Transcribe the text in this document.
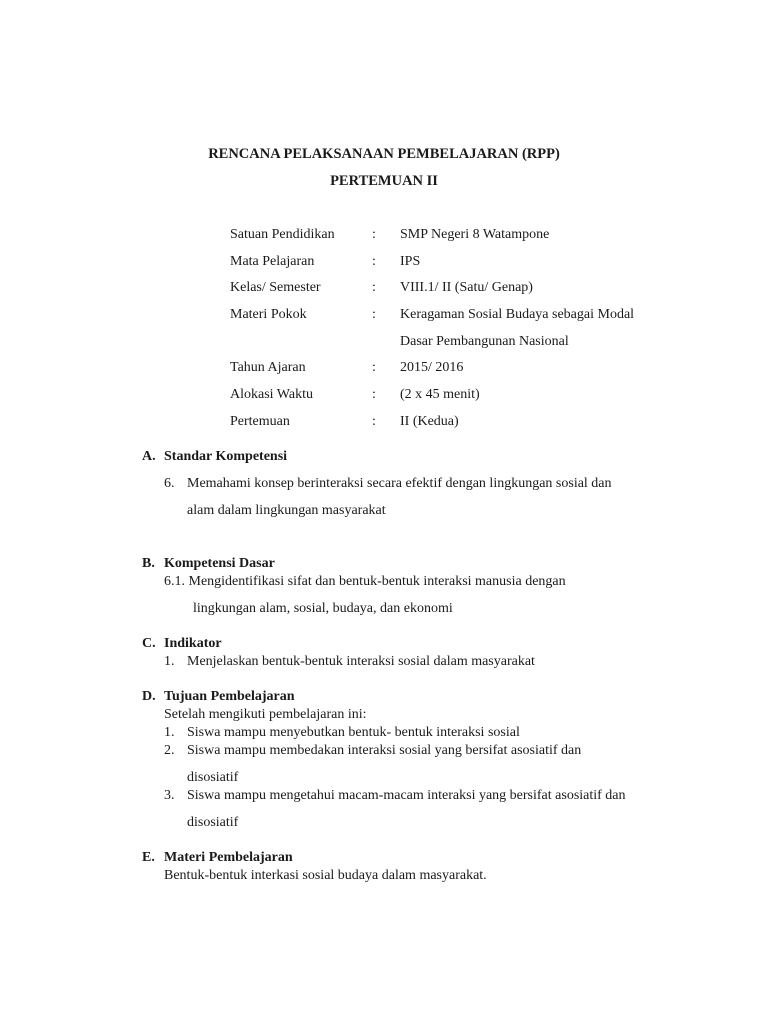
RENCANA PELAKSANAAN PEMBELAJARAN (RPP)
PERTEMUAN II
Satuan Pendidikan	: SMP Negeri 8 Watampone
Mata Pelajaran	: IPS
Kelas/ Semester	: VIII.1/ II (Satu/ Genap)
Materi Pokok	: Keragaman Sosial Budaya sebagai Modal
Dasar Pembangunan Nasional
Tahun Ajaran	: 2015/ 2016
Alokasi Waktu	: (2 x 45 menit)
Pertemuan	: II (Kedua)
A. Standar Kompetensi
6. Memahami konsep berinteraksi secara efektif dengan lingkungan sosial dan
alam dalam lingkungan masyarakat
B. Kompetensi Dasar
6.1. Mengidentifikasi sifat dan bentuk-bentuk interaksi manusia dengan
lingkungan alam, sosial, budaya, dan ekonomi
C. Indikator
1. Menjelaskan bentuk-bentuk interaksi sosial dalam masyarakat
D. Tujuan Pembelajaran
Setelah mengikuti pembelajaran ini:
1. Siswa mampu menyebutkan bentuk- bentuk interaksi sosial
2. Siswa mampu membedakan interaksi sosial yang bersifat asosiatif dan
disosiatif
3. Siswa mampu mengetahui macam-macam interaksi yang bersifat asosiatif dan
disosiatif
E. Materi Pembelajaran
Bentuk-bentuk interkasi sosial budaya dalam masyarakat.
